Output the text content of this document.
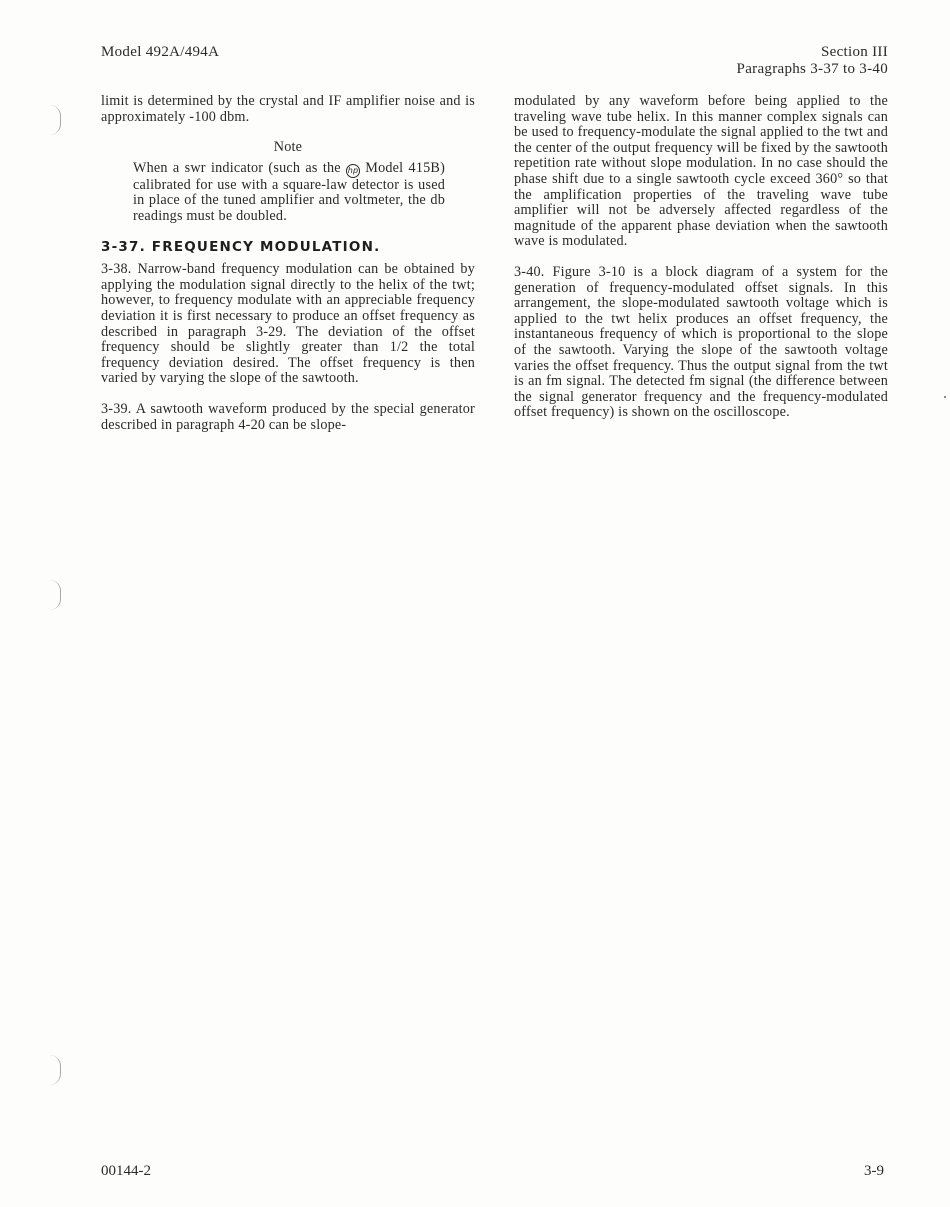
Model 492A/494A	Section III
Paragraphs 3-37 to 3-40

limit is determined by the crystal and IF amplifier noise and is approximately -100 dbm.

Note

When a swr indicator (such as the hp Model 415B) calibrated for use with a square-law detector is used in place of the tuned amplifier and voltmeter, the db readings must be doubled.

3-37. FREQUENCY MODULATION.

3-38. Narrow-band frequency modulation can be obtained by applying the modulation signal directly to the helix of the twt; however, to frequency modulate with an appreciable frequency deviation it is first necessary to produce an offset frequency as described in paragraph 3-29. The deviation of the offset frequency should be slightly greater than 1/2 the total frequency deviation desired. The offset frequency is then varied by varying the slope of the sawtooth.

3-39. A sawtooth waveform produced by the special generator described in paragraph 4-20 can be slope-

modulated by any waveform before being applied to the traveling wave tube helix. In this manner complex signals can be used to frequency-modulate the signal applied to the twt and the center of the output frequency will be fixed by the sawtooth repetition rate without slope modulation. In no case should the phase shift due to a single sawtooth cycle exceed 360° so that the amplification properties of the traveling wave tube amplifier will not be adversely affected regardless of the magnitude of the apparent phase deviation when the sawtooth wave is modulated.

3-40. Figure 3-10 is a block diagram of a system for the generation of frequency-modulated offset signals. In this arrangement, the slope-modulated sawtooth voltage which is applied to the twt helix produces an offset frequency, the instantaneous frequency of which is proportional to the slope of the sawtooth. Varying the slope of the sawtooth voltage varies the offset frequency. Thus the output signal from the twt is an fm signal. The detected fm signal (the difference between the signal generator frequency and the frequency-modulated offset frequency) is shown on the oscilloscope.

00144-2	3-9
